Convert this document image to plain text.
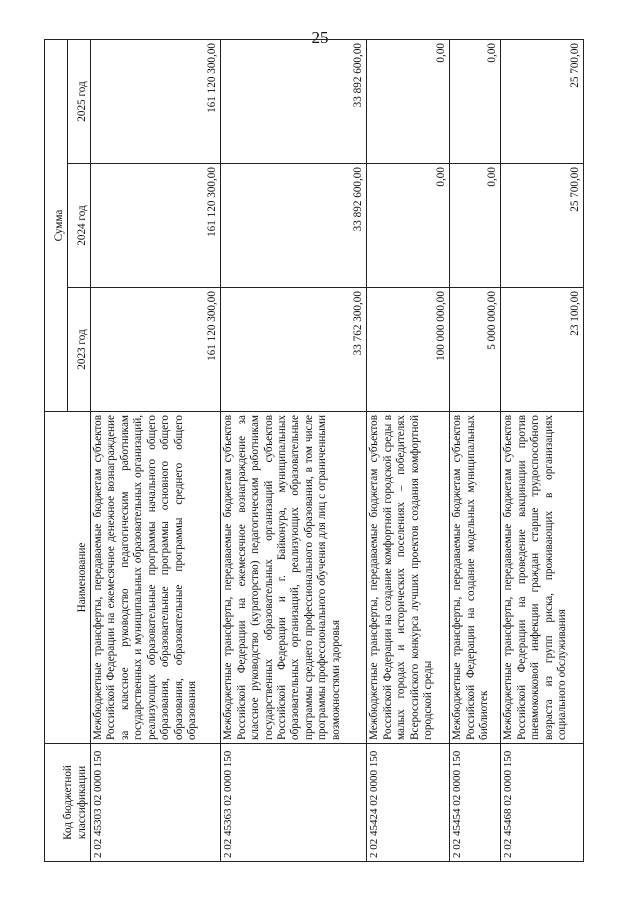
25
Код бюджетной классификации	Наименование	Сумма		
		2023 год	2024 год	2025 год
2 02 45303 02 0000 150	Межбюджетные трансферты, передаваемые бюджетам субъектов Российской Федерации на ежемесячное денежное вознаграждение за классное руководство педагогическим работникам государственных и муниципальных образовательных организаций, реализующих образовательные программы начального общего образования, образовательные программы основного общего образования, образовательные программы среднего общего образования	161 120 300,00	161 120 300,00	161 120 300,00
2 02 45363 02 0000 150	Межбюджетные трансферты, передаваемые бюджетам субъектов Российской Федерации на ежемесячное вознаграждение за классное руководство (кураторство) педагогическим работникам государственных образовательных организаций субъектов Российской Федерации и г. Байконура, муниципальных образовательных организаций, реализующих образовательные программы среднего профессионального образования, в том числе программы профессионального обучения для лиц с ограниченными возможностями здоровья	33 762 300,00	33 892 600,00	33 892 600,00
2 02 45424 02 0000 150	Межбюджетные трансферты, передаваемые бюджетам субъектов Российской Федерации на создание комфортной городской среды в малых городах и исторических поселениях – победителях Всероссийского конкурса лучших проектов создания комфортной городской среды	100 000 000,00	0,00	0,00
2 02 45454 02 0000 150	Межбюджетные трансферты, передаваемые бюджетам субъектов Российской Федерации на создание модельных муниципальных библиотек	5 000 000,00	0,00	0,00
2 02 45468 02 0000 150	Межбюджетные трансферты, передаваемые бюджетам субъектов Российской Федерации на проведение вакцинации против пневмококковой инфекции граждан старше трудоспособного возраста из групп риска, проживающих в организациях социального обслуживания	23 100,00	25 700,00	25 700,00
